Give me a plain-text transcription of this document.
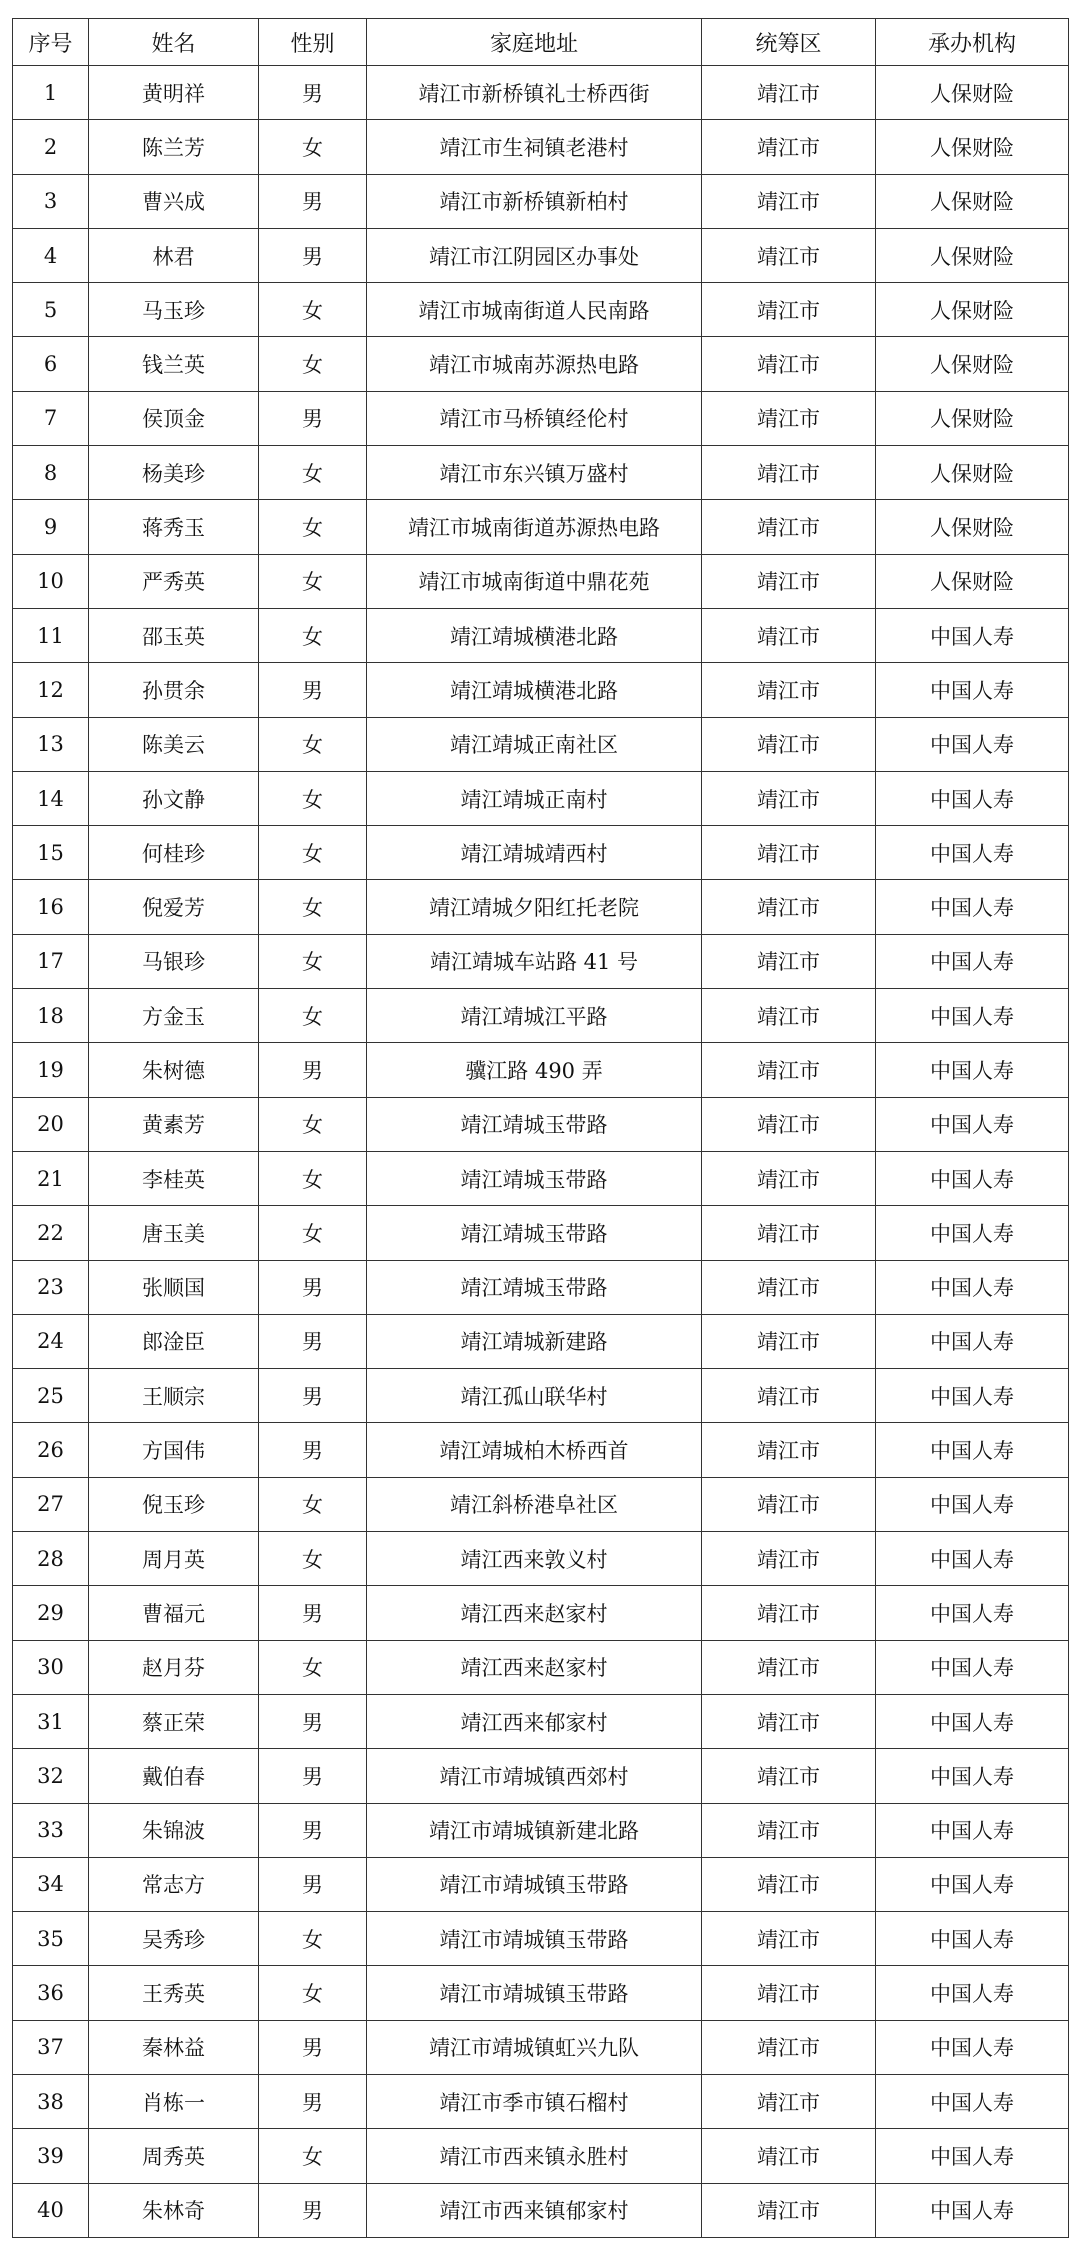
序号	姓名	性别	家庭地址	统筹区	承办机构
1	黄明祥	男	靖江市新桥镇礼士桥西街	靖江市	人保财险
2	陈兰芳	女	靖江市生祠镇老港村	靖江市	人保财险
3	曹兴成	男	靖江市新桥镇新柏村	靖江市	人保财险
4	林君	男	靖江市江阴园区办事处	靖江市	人保财险
5	马玉珍	女	靖江市城南街道人民南路	靖江市	人保财险
6	钱兰英	女	靖江市城南苏源热电路	靖江市	人保财险
7	侯顶金	男	靖江市马桥镇经伦村	靖江市	人保财险
8	杨美珍	女	靖江市东兴镇万盛村	靖江市	人保财险
9	蒋秀玉	女	靖江市城南街道苏源热电路	靖江市	人保财险
10	严秀英	女	靖江市城南街道中鼎花苑	靖江市	人保财险
11	邵玉英	女	靖江靖城横港北路	靖江市	中国人寿
12	孙贯余	男	靖江靖城横港北路	靖江市	中国人寿
13	陈美云	女	靖江靖城正南社区	靖江市	中国人寿
14	孙文静	女	靖江靖城正南村	靖江市	中国人寿
15	何桂珍	女	靖江靖城靖西村	靖江市	中国人寿
16	倪爱芳	女	靖江靖城夕阳红托老院	靖江市	中国人寿
17	马银珍	女	靖江靖城车站路 41 号	靖江市	中国人寿
18	方金玉	女	靖江靖城江平路	靖江市	中国人寿
19	朱树德	男	骥江路 490 弄	靖江市	中国人寿
20	黄素芳	女	靖江靖城玉带路	靖江市	中国人寿
21	李桂英	女	靖江靖城玉带路	靖江市	中国人寿
22	唐玉美	女	靖江靖城玉带路	靖江市	中国人寿
23	张顺国	男	靖江靖城玉带路	靖江市	中国人寿
24	郎淦臣	男	靖江靖城新建路	靖江市	中国人寿
25	王顺宗	男	靖江孤山联华村	靖江市	中国人寿
26	方国伟	男	靖江靖城柏木桥西首	靖江市	中国人寿
27	倪玉珍	女	靖江斜桥港阜社区	靖江市	中国人寿
28	周月英	女	靖江西来敦义村	靖江市	中国人寿
29	曹福元	男	靖江西来赵家村	靖江市	中国人寿
30	赵月芬	女	靖江西来赵家村	靖江市	中国人寿
31	蔡正荣	男	靖江西来郁家村	靖江市	中国人寿
32	戴伯春	男	靖江市靖城镇西郊村	靖江市	中国人寿
33	朱锦波	男	靖江市靖城镇新建北路	靖江市	中国人寿
34	常志方	男	靖江市靖城镇玉带路	靖江市	中国人寿
35	吴秀珍	女	靖江市靖城镇玉带路	靖江市	中国人寿
36	王秀英	女	靖江市靖城镇玉带路	靖江市	中国人寿
37	秦林益	男	靖江市靖城镇虹兴九队	靖江市	中国人寿
38	肖栋一	男	靖江市季市镇石榴村	靖江市	中国人寿
39	周秀英	女	靖江市西来镇永胜村	靖江市	中国人寿
40	朱林奇	男	靖江市西来镇郁家村	靖江市	中国人寿
